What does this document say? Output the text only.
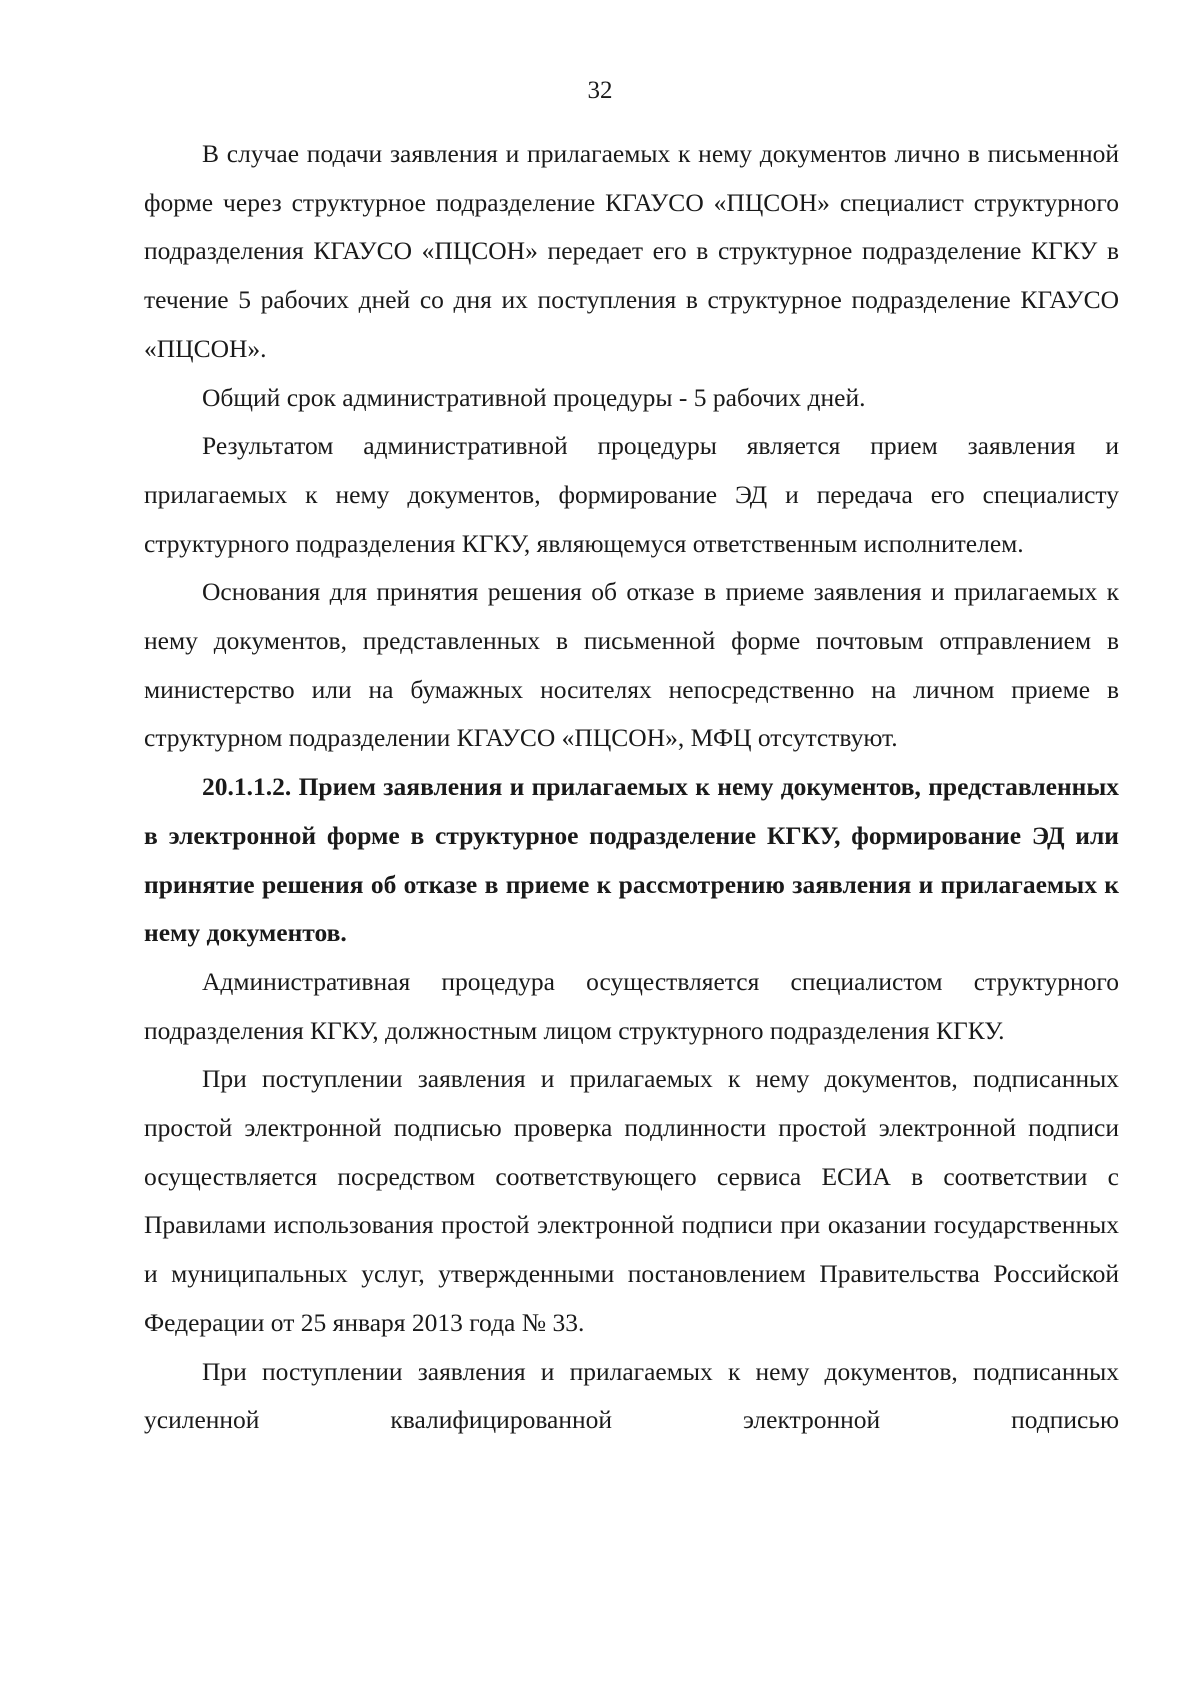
32

В случае подачи заявления и прилагаемых к нему документов лично в письменной форме через структурное подразделение КГАУСО «ПЦСОН» специалист структурного подразделения КГАУСО «ПЦСОН» передает его в структурное подразделение КГКУ в течение 5 рабочих дней со дня их поступления в структурное подразделение КГАУСО «ПЦСОН».

Общий срок административной процедуры - 5 рабочих дней.

Результатом административной процедуры является прием заявления и прилагаемых к нему документов, формирование ЭД и передача его специалисту структурного подразделения КГКУ, являющемуся ответственным исполнителем.

Основания для принятия решения об отказе в приеме заявления и прилагаемых к нему документов, представленных в письменной форме почтовым отправлением в министерство или на бумажных носителях непосредственно на личном приеме в структурном подразделении КГАУСО «ПЦСОН», МФЦ отсутствуют.

20.1.1.2. Прием заявления и прилагаемых к нему документов, представленных в электронной форме в структурное подразделение КГКУ, формирование ЭД или принятие решения об отказе в приеме к рассмотрению заявления и прилагаемых к нему документов.

Административная процедура осуществляется специалистом структурного подразделения КГКУ, должностным лицом структурного подразделения КГКУ.

При поступлении заявления и прилагаемых к нему документов, подписанных простой электронной подписью проверка подлинности простой электронной подписи осуществляется посредством соответствующего сервиса ЕСИА в соответствии с Правилами использования простой электронной подписи при оказании государственных и муниципальных услуг, утвержденными постановлением Правительства Российской Федерации от 25 января 2013 года № 33.

При поступлении заявления и прилагаемых к нему документов, подписанных усиленной квалифицированной электронной подписью
